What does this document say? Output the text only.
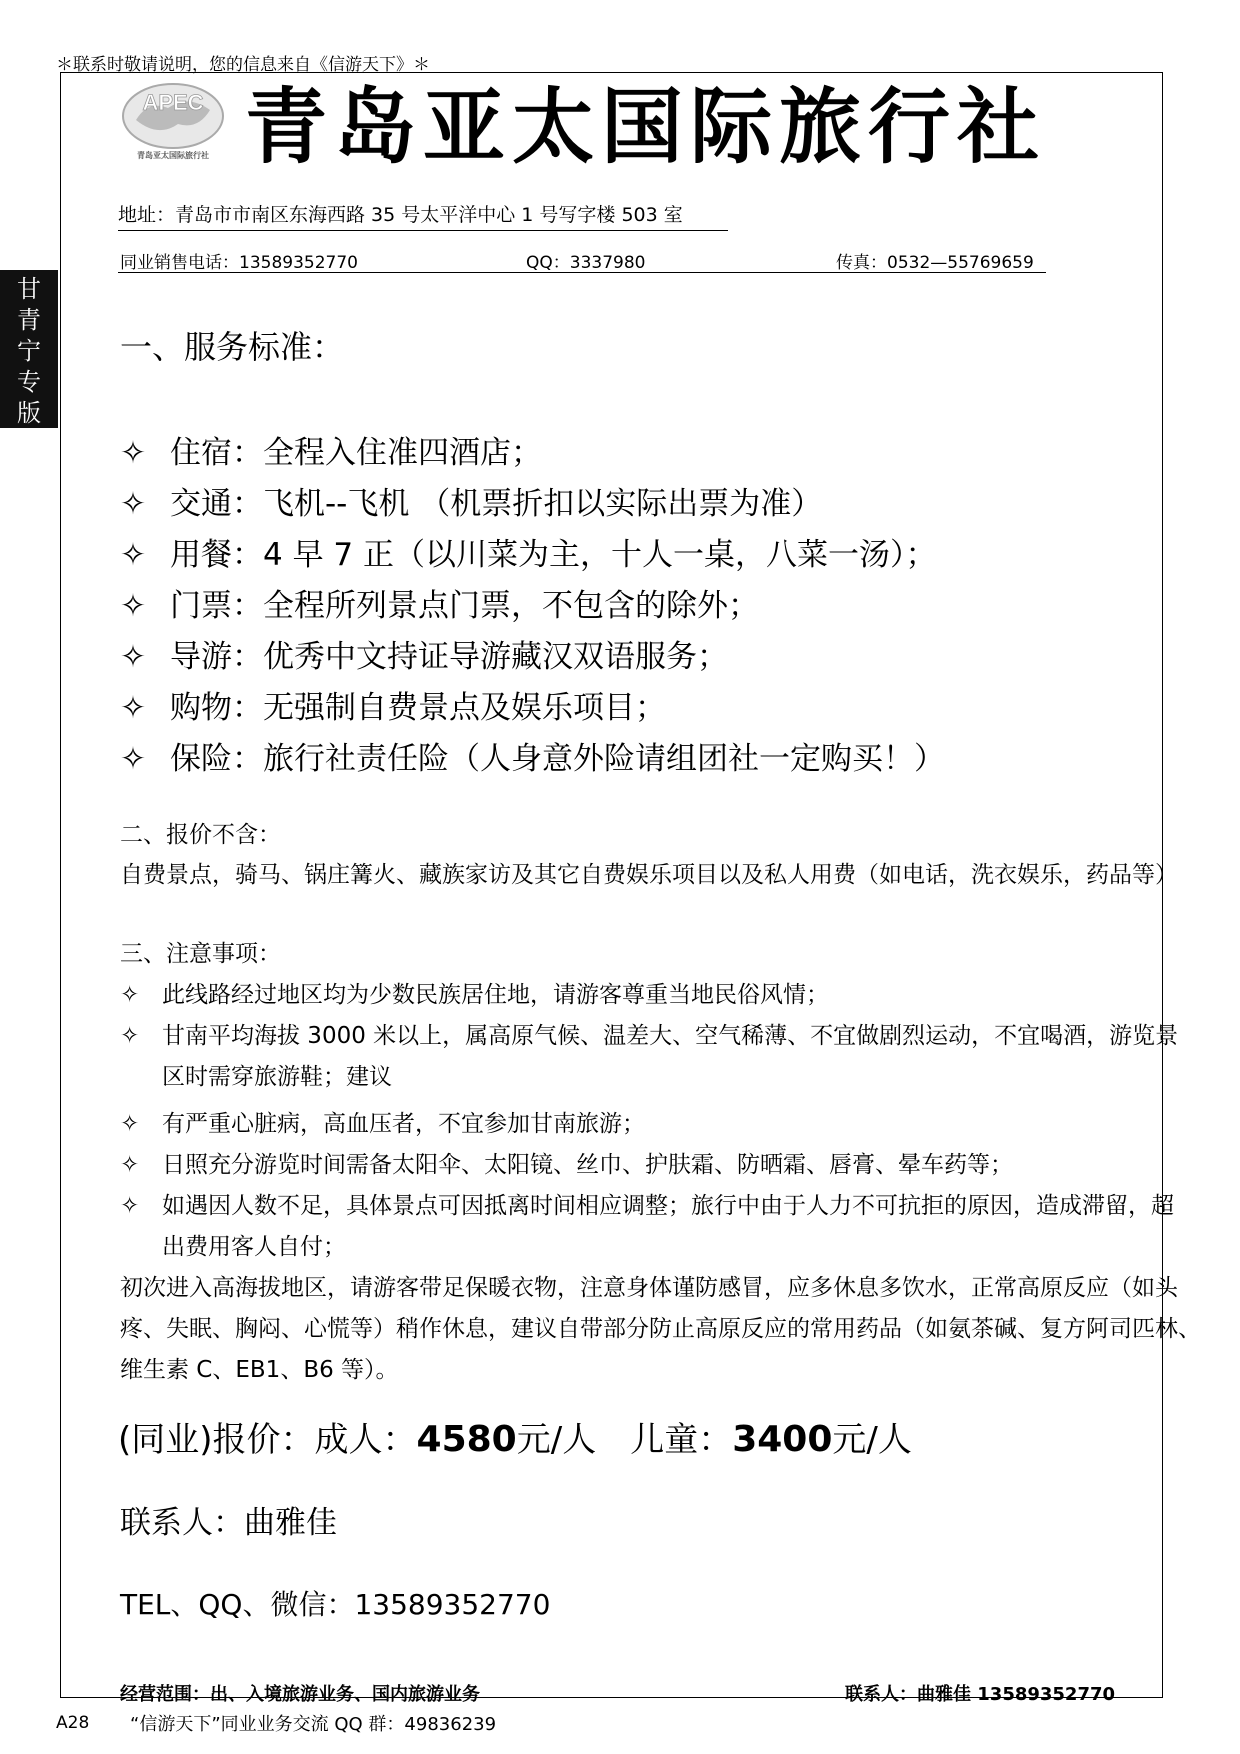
＊联系时敬请说明，您的信息来自《信游天下》＊
APEC
青岛亚太国际旅行社 青岛亚太国际旅行社
地址：青岛市市南区东海西路 35 号太平洋中心 1 号写字楼 503 室
同业销售电话：13589352770	QQ：3337980	传真：0532—55769659
甘
青
宁
专
版
一、服务标准：
✧ 住宿：全程入住准四酒店；
✧ 交通：飞机--飞机 （机票折扣以实际出票为准）
✧ 用餐：4 早 7 正（以川菜为主，十人一桌，八菜一汤）；
✧ 门票：全程所列景点门票，不包含的除外；
✧ 导游：优秀中文持证导游藏汉双语服务；
✧ 购物：无强制自费景点及娱乐项目；
✧ 保险：旅行社责任险（人身意外险请组团社一定购买！）
二、报价不含：
自费景点，骑马、锅庄篝火、藏族家访及其它自费娱乐项目以及私人用费（如电话，洗衣娱乐，药品等）
三、注意事项：
✧ 此线路经过地区均为少数民族居住地，请游客尊重当地民俗风情；
✧ 甘南平均海拔 3000 米以上，属高原气候、温差大、空气稀薄、不宜做剧烈运动，不宜喝酒，游览景
区时需穿旅游鞋；建议
✧ 有严重心脏病，高血压者，不宜参加甘南旅游；
✧ 日照充分游览时间需备太阳伞、太阳镜、丝巾、护肤霜、防晒霜、唇膏、晕车药等；
✧ 如遇因人数不足，具体景点可因抵离时间相应调整；旅行中由于人力不可抗拒的原因，造成滞留，超
出费用客人自付；
初次进入高海拔地区，请游客带足保暖衣物，注意身体谨防感冒，应多休息多饮水，正常高原反应（如头
疼、失眠、胸闷、心慌等）稍作休息，建议自带部分防止高原反应的常用药品（如氨茶碱、复方阿司匹林、
维生素 C、EB1、B6 等）。
(同业)报价：成人：4580元/人 儿童：3400元/人
联系人：曲雅佳
TEL、QQ、微信：13589352770
经营范围：出、入境旅游业务、国内旅游业务	联系人：曲雅佳 13589352770
A28 “信游天下”同业业务交流 QQ 群：49836239
